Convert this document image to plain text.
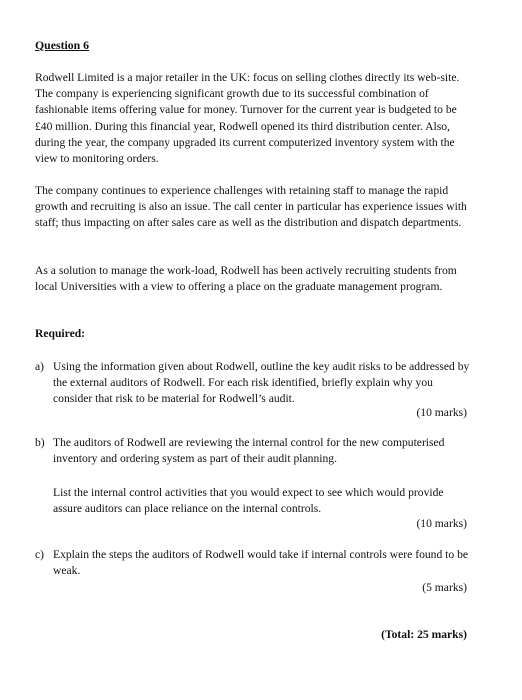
Question 6
Rodwell Limited is a major retailer in the UK: focus on selling clothes directly its web-site. The company is experiencing significant growth due to its successful combination of fashionable items offering value for money. Turnover for the current year is budgeted to be £40 million. During this financial year, Rodwell opened its third distribution center. Also, during the year, the company upgraded its current computerized inventory system with the view to monitoring orders.
The company continues to experience challenges with retaining staff to manage the rapid growth and recruiting is also an issue. The call center in particular has experience issues with staff; thus impacting on after sales care as well as the distribution and dispatch departments.
As a solution to manage the work-load, Rodwell has been actively recruiting students from local Universities with a view to offering a place on the graduate management program.
Required:
a) Using the information given about Rodwell, outline the key audit risks to be addressed by the external auditors of Rodwell. For each risk identified, briefly explain why you consider that risk to be material for Rodwell’s audit.
(10 marks)
b) The auditors of Rodwell are reviewing the internal control for the new computerised inventory and ordering system as part of their audit planning.
List the internal control activities that you would expect to see which would provide assure auditors can place reliance on the internal controls.
(10 marks)
c) Explain the steps the auditors of Rodwell would take if internal controls were found to be weak.
(5 marks)
(Total: 25 marks)
